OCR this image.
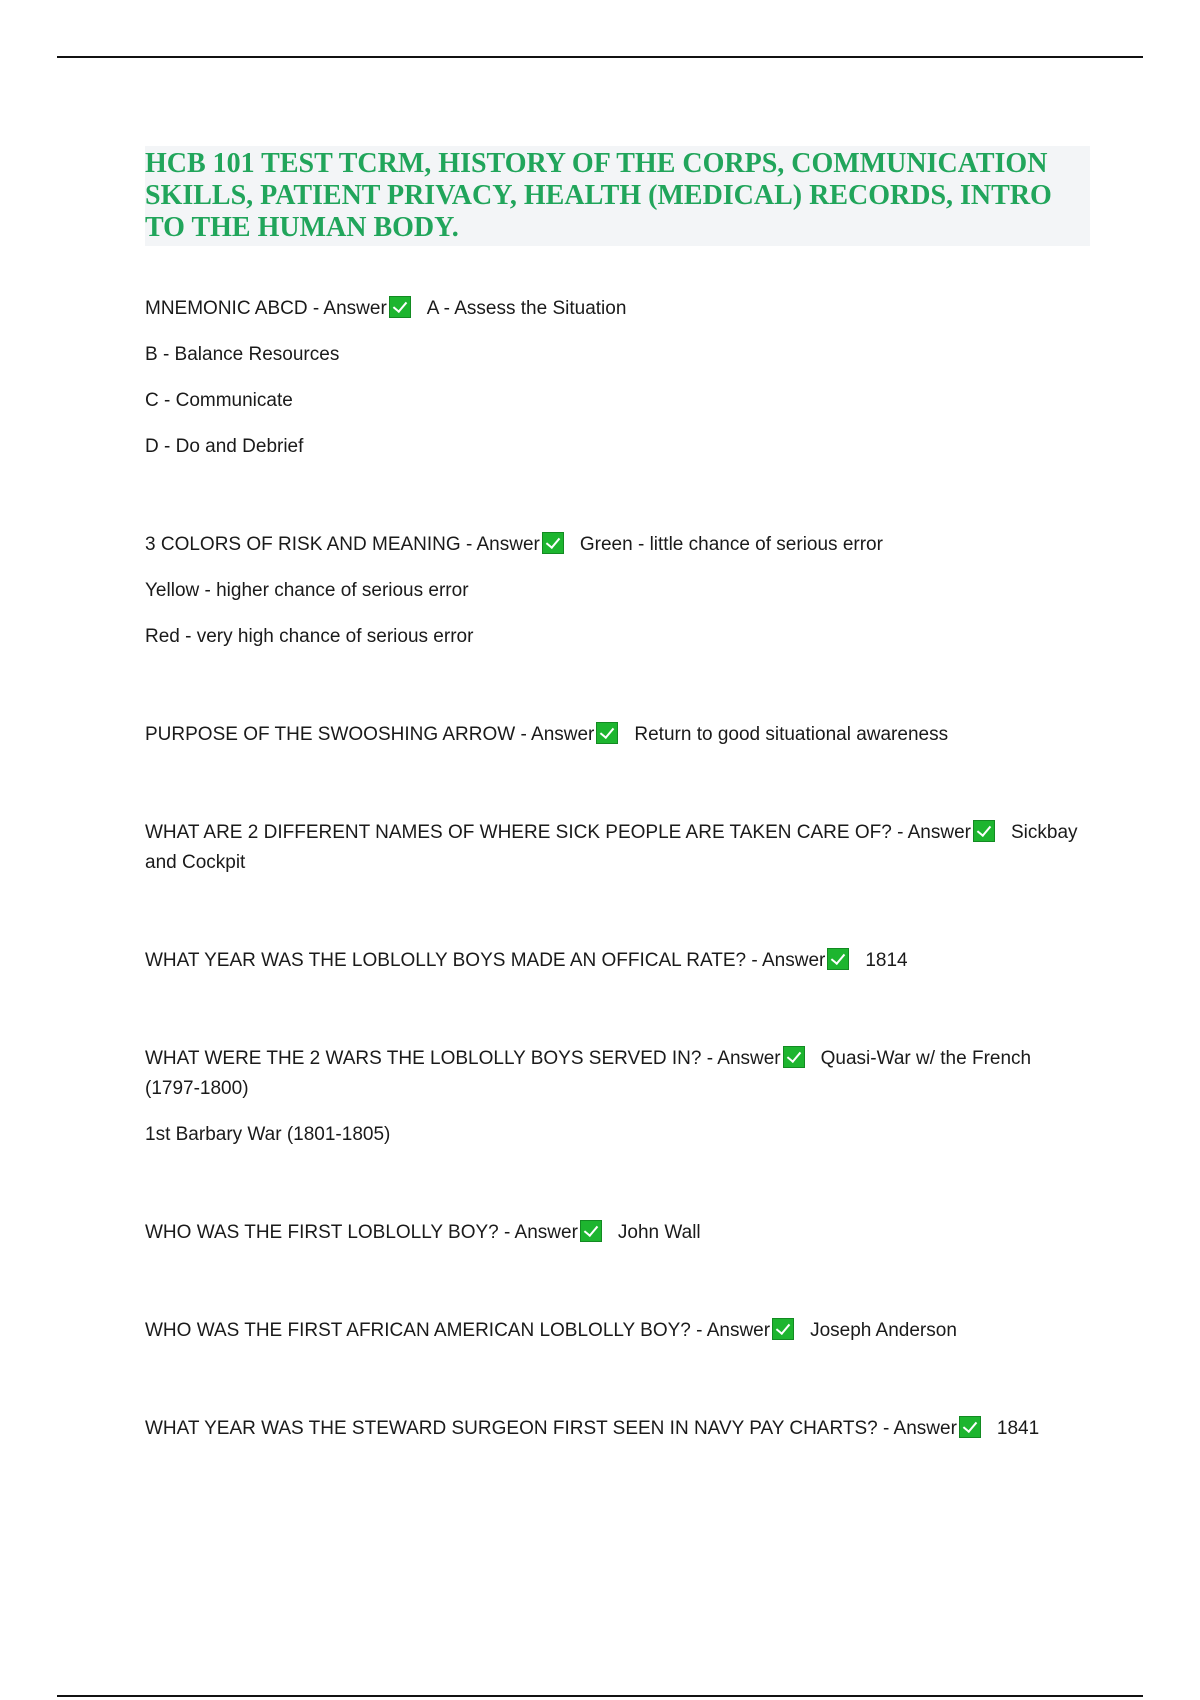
HCB 101 TEST TCRM, HISTORY OF THE CORPS, COMMUNICATION SKILLS, PATIENT PRIVACY, HEALTH (MEDICAL) RECORDS, INTRO TO THE HUMAN BODY.

MNEMONIC ABCD - Answer A - Assess the Situation

B - Balance Resources

C - Communicate

D - Do and Debrief

3 COLORS OF RISK AND MEANING - Answer Green - little chance of serious error

Yellow - higher chance of serious error

Red - very high chance of serious error

PURPOSE OF THE SWOOSHING ARROW - Answer Return to good situational awareness

WHAT ARE 2 DIFFERENT NAMES OF WHERE SICK PEOPLE ARE TAKEN CARE OF? - Answer Sickbay and Cockpit

WHAT YEAR WAS THE LOBLOLLY BOYS MADE AN OFFICAL RATE? - Answer 1814

WHAT WERE THE 2 WARS THE LOBLOLLY BOYS SERVED IN? - Answer Quasi-War w/ the French (1797-1800)

1st Barbary War (1801-1805)

WHO WAS THE FIRST LOBLOLLY BOY? - Answer John Wall

WHO WAS THE FIRST AFRICAN AMERICAN LOBLOLLY BOY? - Answer Joseph Anderson

WHAT YEAR WAS THE STEWARD SURGEON FIRST SEEN IN NAVY PAY CHARTS? - Answer 1841
